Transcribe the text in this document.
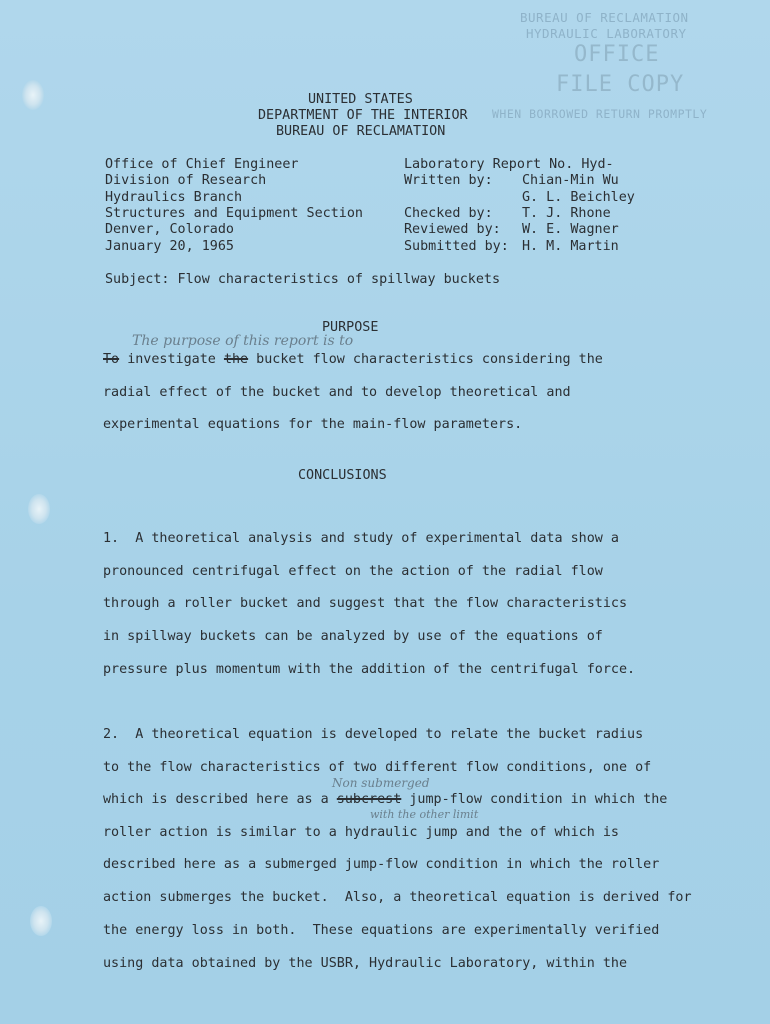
BUREAU OF RECLAMATION
HYDRAULIC LABORATORY
OFFICE
FILE COPY
WHEN BORROWED RETURN PROMPTLY
UNITED STATES
DEPARTMENT OF THE INTERIOR
BUREAU OF RECLAMATION
Office of Chief Engineer
Division of Research
Hydraulics Branch
Structures and Equipment Section
Denver, Colorado
January 20, 1965
Laboratory Report No. Hyd-
Written by: Chian-Min Wu
G. L. Beichley
Checked by: T. J. Rhone
Reviewed by: W. E. Wagner
Submitted by: H. M. Martin
Subject: Flow characteristics of spillway buckets
PURPOSE
The purpose of this report is to
To investigate the bucket flow characteristics considering the
radial effect of the bucket and to develop theoretical and
experimental equations for the main-flow parameters.
CONCLUSIONS
1.  A theoretical analysis and study of experimental data show a
pronounced centrifugal effect on the action of the radial flow
through a roller bucket and suggest that the flow characteristics
in spillway buckets can be analyzed by use of the equations of
pressure plus momentum with the addition of the centrifugal force.
2.  A theoretical equation is developed to relate the bucket radius
to the flow characteristics of two different flow conditions, one of
Non submerged
which is described here as a subcrest jump-flow condition in which the
with the other limit
roller action is similar to a hydraulic jump and the of which is
described here as a submerged jump-flow condition in which the roller
action submerges the bucket.  Also, a theoretical equation is derived for
the energy loss in both.  These equations are experimentally verified
using data obtained by the USBR, Hydraulic Laboratory, within the
